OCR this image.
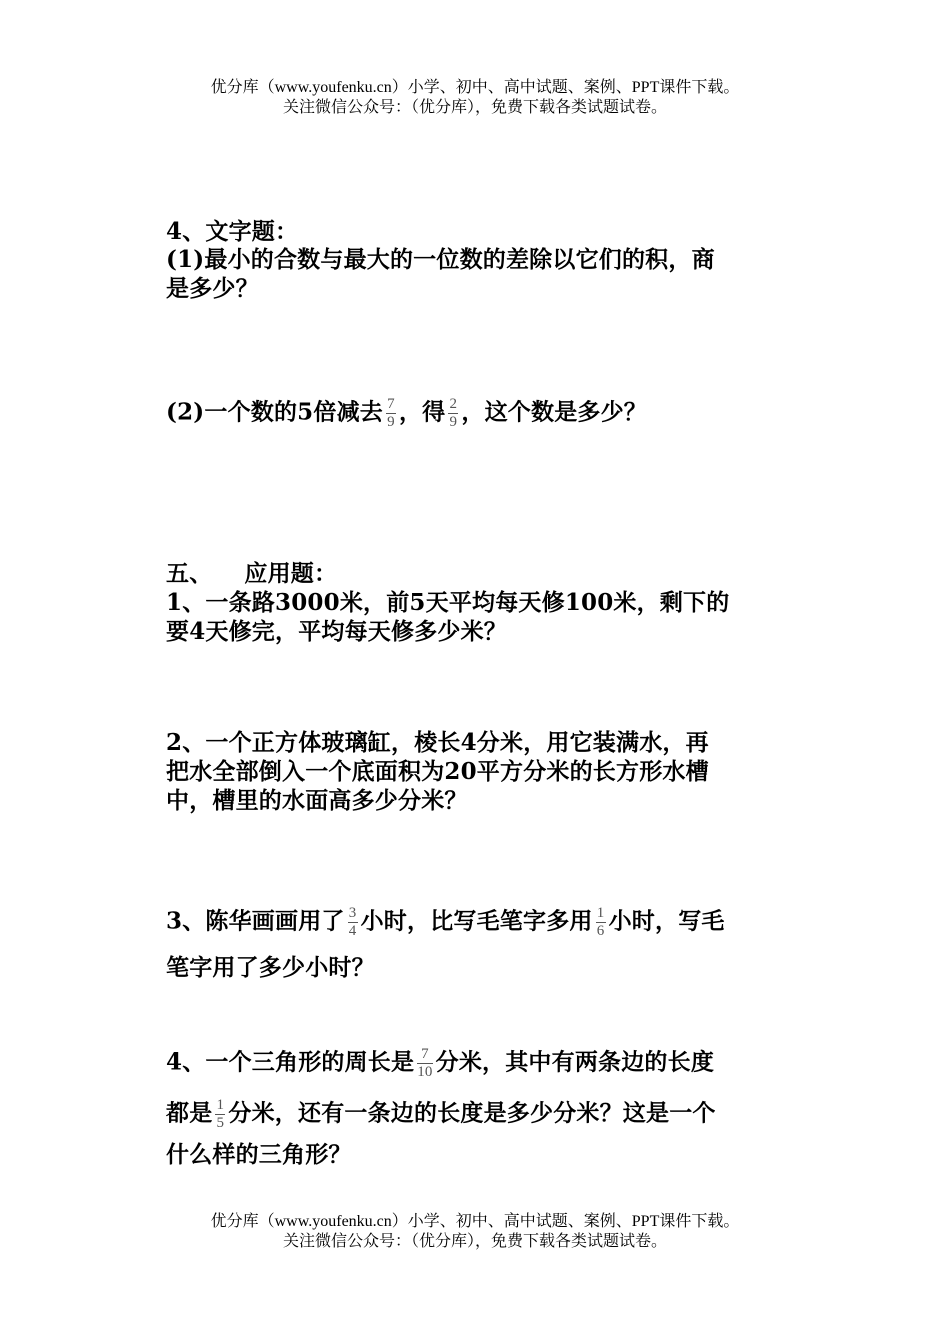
优分库（www.youfenku.cn）小学、初中、高中试题、案例、PPT课件下载。
关注微信公众号：（优分库），免费下载各类试题试卷。
4、文字题：
(1)最小的合数与最大的一位数的差除以它们的积，商
是多少？
(2)一个数的5倍减去 $\frac{7}{9}$ ，得 $\frac{2}{9}$ ，这个数是多少？
五、 应用题：
1、一条路3000米，前5天平均每天修100米，剩下的
要4天修完，平均每天修多少米？
2、一个正方体玻璃缸，棱长4分米，用它装满水，再
把水全部倒入一个底面积为20平方分米的长方形水槽
中，槽里的水面高多少分米？
3、陈华画画用了 $\frac{3}{4}$ 小时，比写毛笔字多用 $\frac{1}{6}$ 小时，写毛
笔字用了多少小时？
4、一个三角形的周长是 $\frac{7}{10}$ 分米，其中有两条边的长度
都是 $\frac{1}{5}$ 分米，还有一条边的长度是多少分米？这是一个
什么样的三角形？
优分库（www.youfenku.cn）小学、初中、高中试题、案例、PPT课件下载。
关注微信公众号：（优分库），免费下载各类试题试卷。
